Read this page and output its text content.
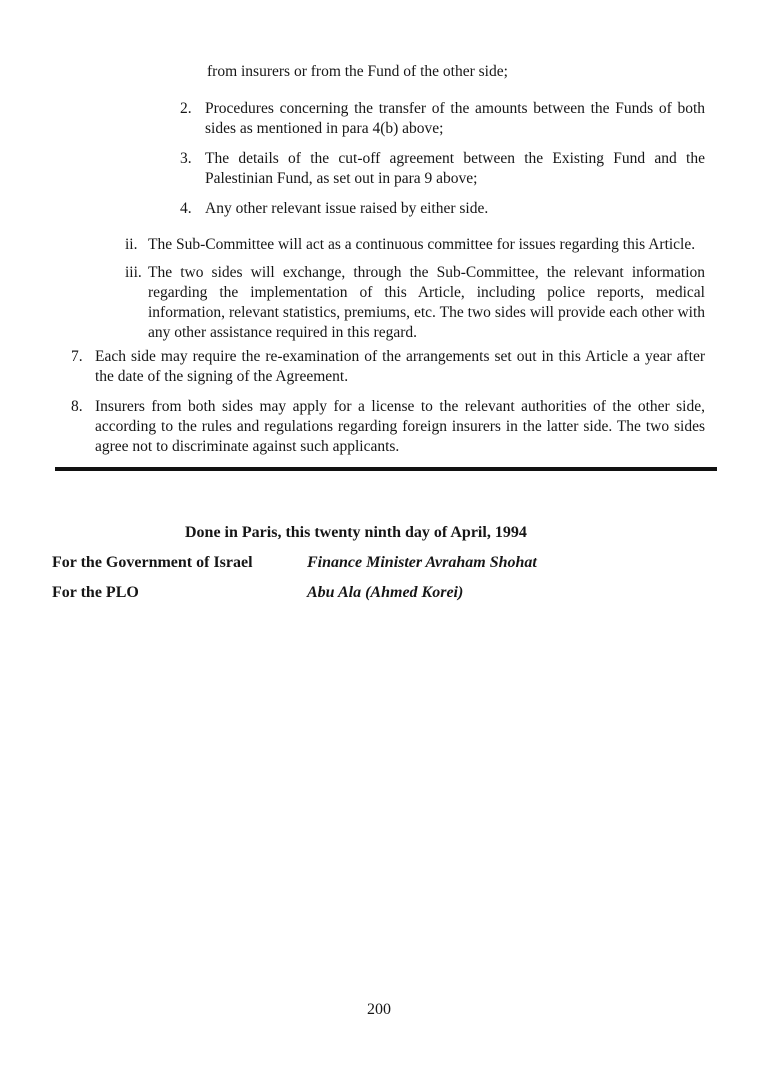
from insurers or from the Fund of the other side;

2. Procedures concerning the transfer of the amounts between the Funds of both sides as mentioned in para 4(b) above;

3. The details of the cut-off agreement between the Existing Fund and the Palestinian Fund, as set out in para 9 above;

4. Any other relevant issue raised by either side.

ii. The Sub-Committee will act as a continuous committee for issues regarding this Article.

iii. The two sides will exchange, through the Sub-Committee, the relevant information regarding the implementation of this Article, including police reports, medical information, relevant statistics, premiums, etc. The two sides will provide each other with any other assistance required in this regard.

7. Each side may require the re-examination of the arrangements set out in this Article a year after the date of the signing of the Agreement.

8. Insurers from both sides may apply for a license to the relevant authorities of the other side, according to the rules and regulations regarding foreign insurers in the latter side. The two sides agree not to discriminate against such applicants.

Done in Paris, this twenty ninth day of April, 1994
For the Government of Israel	Finance Minister Avraham Shohat
For the PLO	Abu Ala (Ahmed Korei)
200
